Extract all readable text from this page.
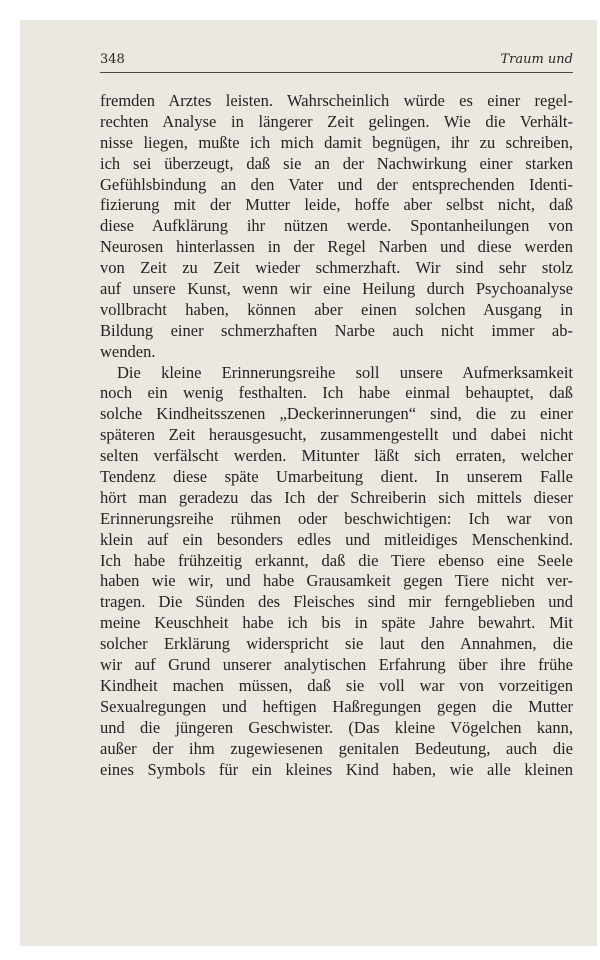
348	Traum und
fremden Arztes leisten. Wahrscheinlich würde es einer regel-
rechten Analyse in längerer Zeit gelingen. Wie die Verhält-
nisse liegen, mußte ich mich damit begnügen, ihr zu schreiben,
ich sei überzeugt, daß sie an der Nachwirkung einer starken
Gefühlsbindung an den Vater und der entsprechenden Identi-
fizierung mit der Mutter leide, hoffe aber selbst nicht, daß
diese Aufklärung ihr nützen werde. Spontanheilungen von
Neurosen hinterlassen in der Regel Narben und diese werden
von Zeit zu Zeit wieder schmerzhaft. Wir sind sehr stolz
auf unsere Kunst, wenn wir eine Heilung durch Psychoanalyse
vollbracht haben, können aber einen solchen Ausgang in
Bildung einer schmerzhaften Narbe auch nicht immer ab-
wenden.
Die kleine Erinnerungsreihe soll unsere Aufmerksamkeit
noch ein wenig festhalten. Ich habe einmal behauptet, daß
solche Kindheitsszenen „Deckerinnerungen“ sind, die zu einer
späteren Zeit herausgesucht, zusammengestellt und dabei nicht
selten verfälscht werden. Mitunter läßt sich erraten, welcher
Tendenz diese späte Umarbeitung dient. In unserem Falle
hört man geradezu das Ich der Schreiberin sich mittels dieser
Erinnerungsreihe rühmen oder beschwichtigen: Ich war von
klein auf ein besonders edles und mitleidiges Menschenkind.
Ich habe frühzeitig erkannt, daß die Tiere ebenso eine Seele
haben wie wir, und habe Grausamkeit gegen Tiere nicht ver-
tragen. Die Sünden des Fleisches sind mir ferngeblieben und
meine Keuschheit habe ich bis in späte Jahre bewahrt. Mit
solcher Erklärung widerspricht sie laut den Annahmen, die
wir auf Grund unserer analytischen Erfahrung über ihre frühe
Kindheit machen müssen, daß sie voll war von vorzeitigen
Sexualregungen und heftigen Haßregungen gegen die Mutter
und die jüngeren Geschwister. (Das kleine Vögelchen kann,
außer der ihm zugewiesenen genitalen Bedeutung, auch die
eines Symbols für ein kleines Kind haben, wie alle kleinen
